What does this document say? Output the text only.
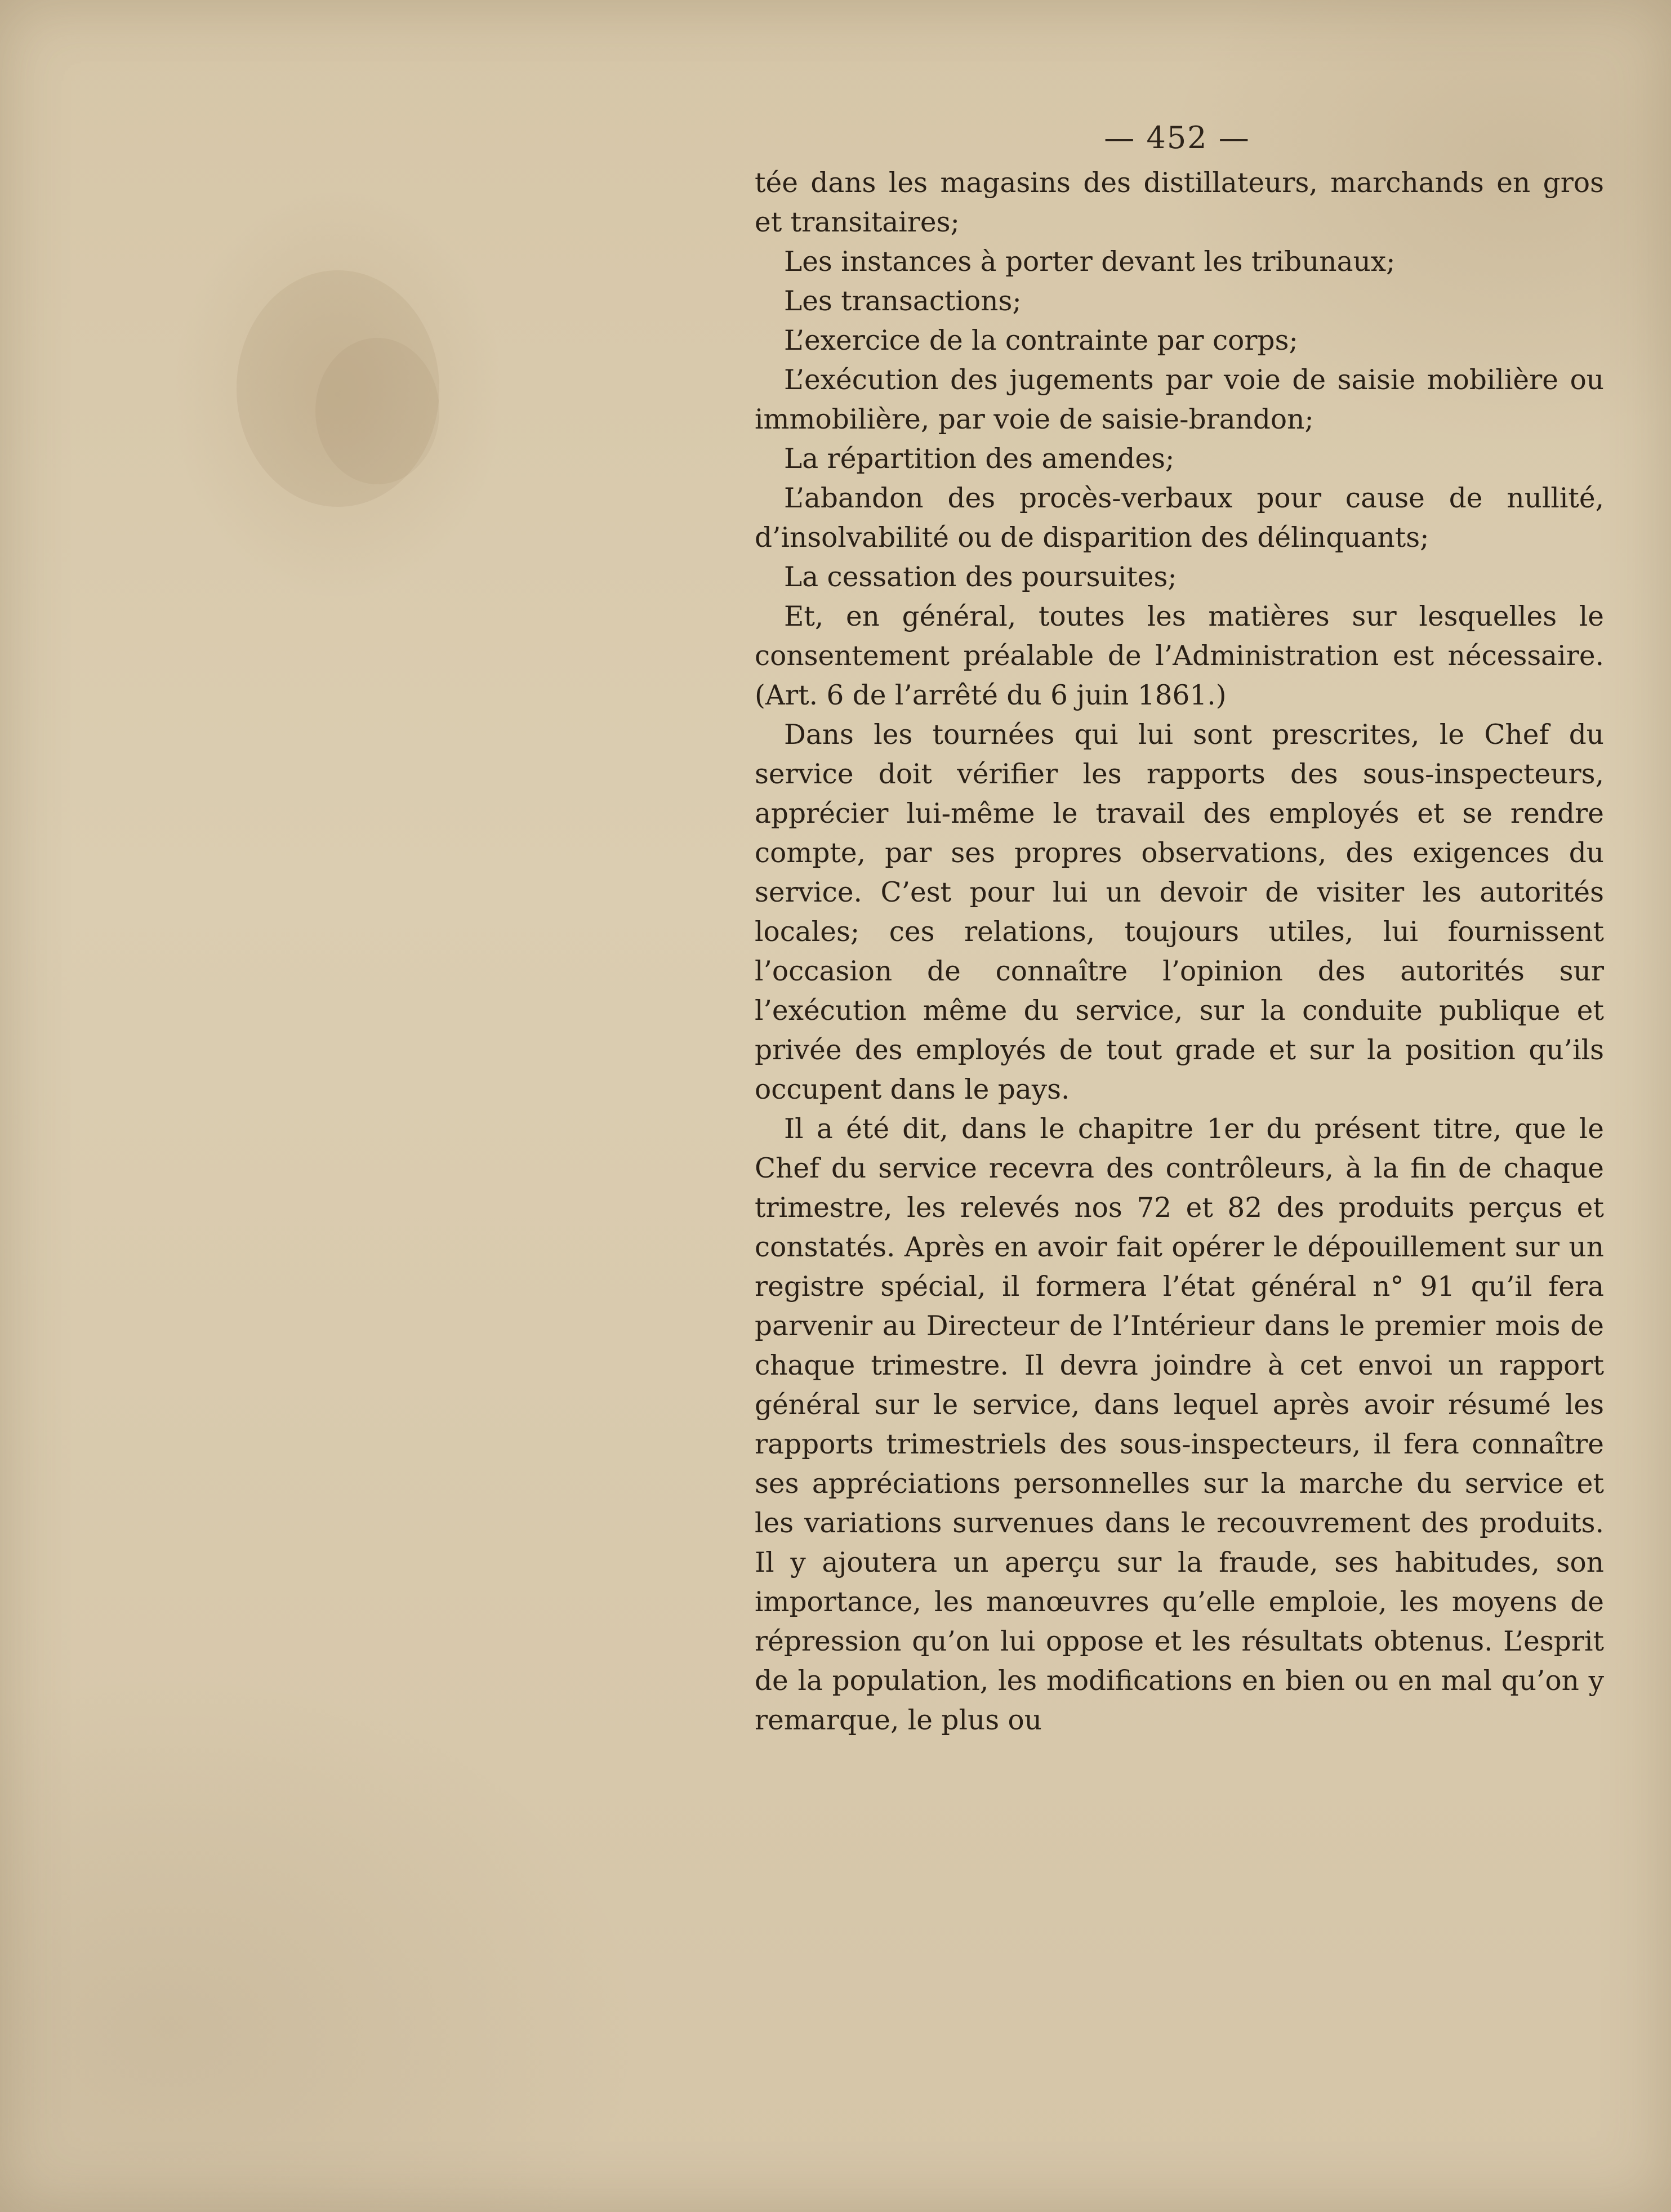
— 452 —

tée dans les magasins des distillateurs, marchands en gros et transitaires;

Les instances à porter devant les tribunaux;

Les transactions;

L’exercice de la contrainte par corps;

L’exécution des jugements par voie de saisie mobilière ou immobilière, par voie de saisie-brandon;

La répartition des amendes;

L’abandon des procès-verbaux pour cause de nullité, d’insolvabilité ou de disparition des délinquants;

La cessation des poursuites;

Et, en général, toutes les matières sur lesquelles le consentement préalable de l’Administration est nécessaire. (Art. 6 de l’arrêté du 6 juin 1861.)

Dans les tournées qui lui sont prescrites, le Chef du service doit vérifier les rapports des sous-inspecteurs, apprécier lui-même le travail des employés et se rendre compte, par ses propres observations, des exigences du service. C’est pour lui un devoir de visiter les autorités locales; ces relations, toujours utiles, lui fournissent l’occasion de connaître l’opinion des autorités sur l’exécution même du service, sur la conduite publique et privée des employés de tout grade et sur la position qu’ils occupent dans le pays.

Il a été dit, dans le chapitre 1er du présent titre, que le Chef du service recevra des contrôleurs, à la fin de chaque trimestre, les relevés nos 72 et 82 des produits perçus et constatés. Après en avoir fait opérer le dépouillement sur un registre spécial, il formera l’état général n° 91 qu’il fera parvenir au Directeur de l’Intérieur dans le premier mois de chaque trimestre. Il devra joindre à cet envoi un rapport général sur le service, dans lequel après avoir résumé les rapports trimestriels des sous-inspecteurs, il fera connaître ses appréciations personnelles sur la marche du service et les variations survenues dans le recouvrement des produits. Il y ajoutera un aperçu sur la fraude, ses habitudes, son importance, les manœuvres qu’elle emploie, les moyens de répression qu’on lui oppose et les résultats obtenus. L’esprit de la population, les modifications en bien ou en mal qu’on y remarque, le plus ou
